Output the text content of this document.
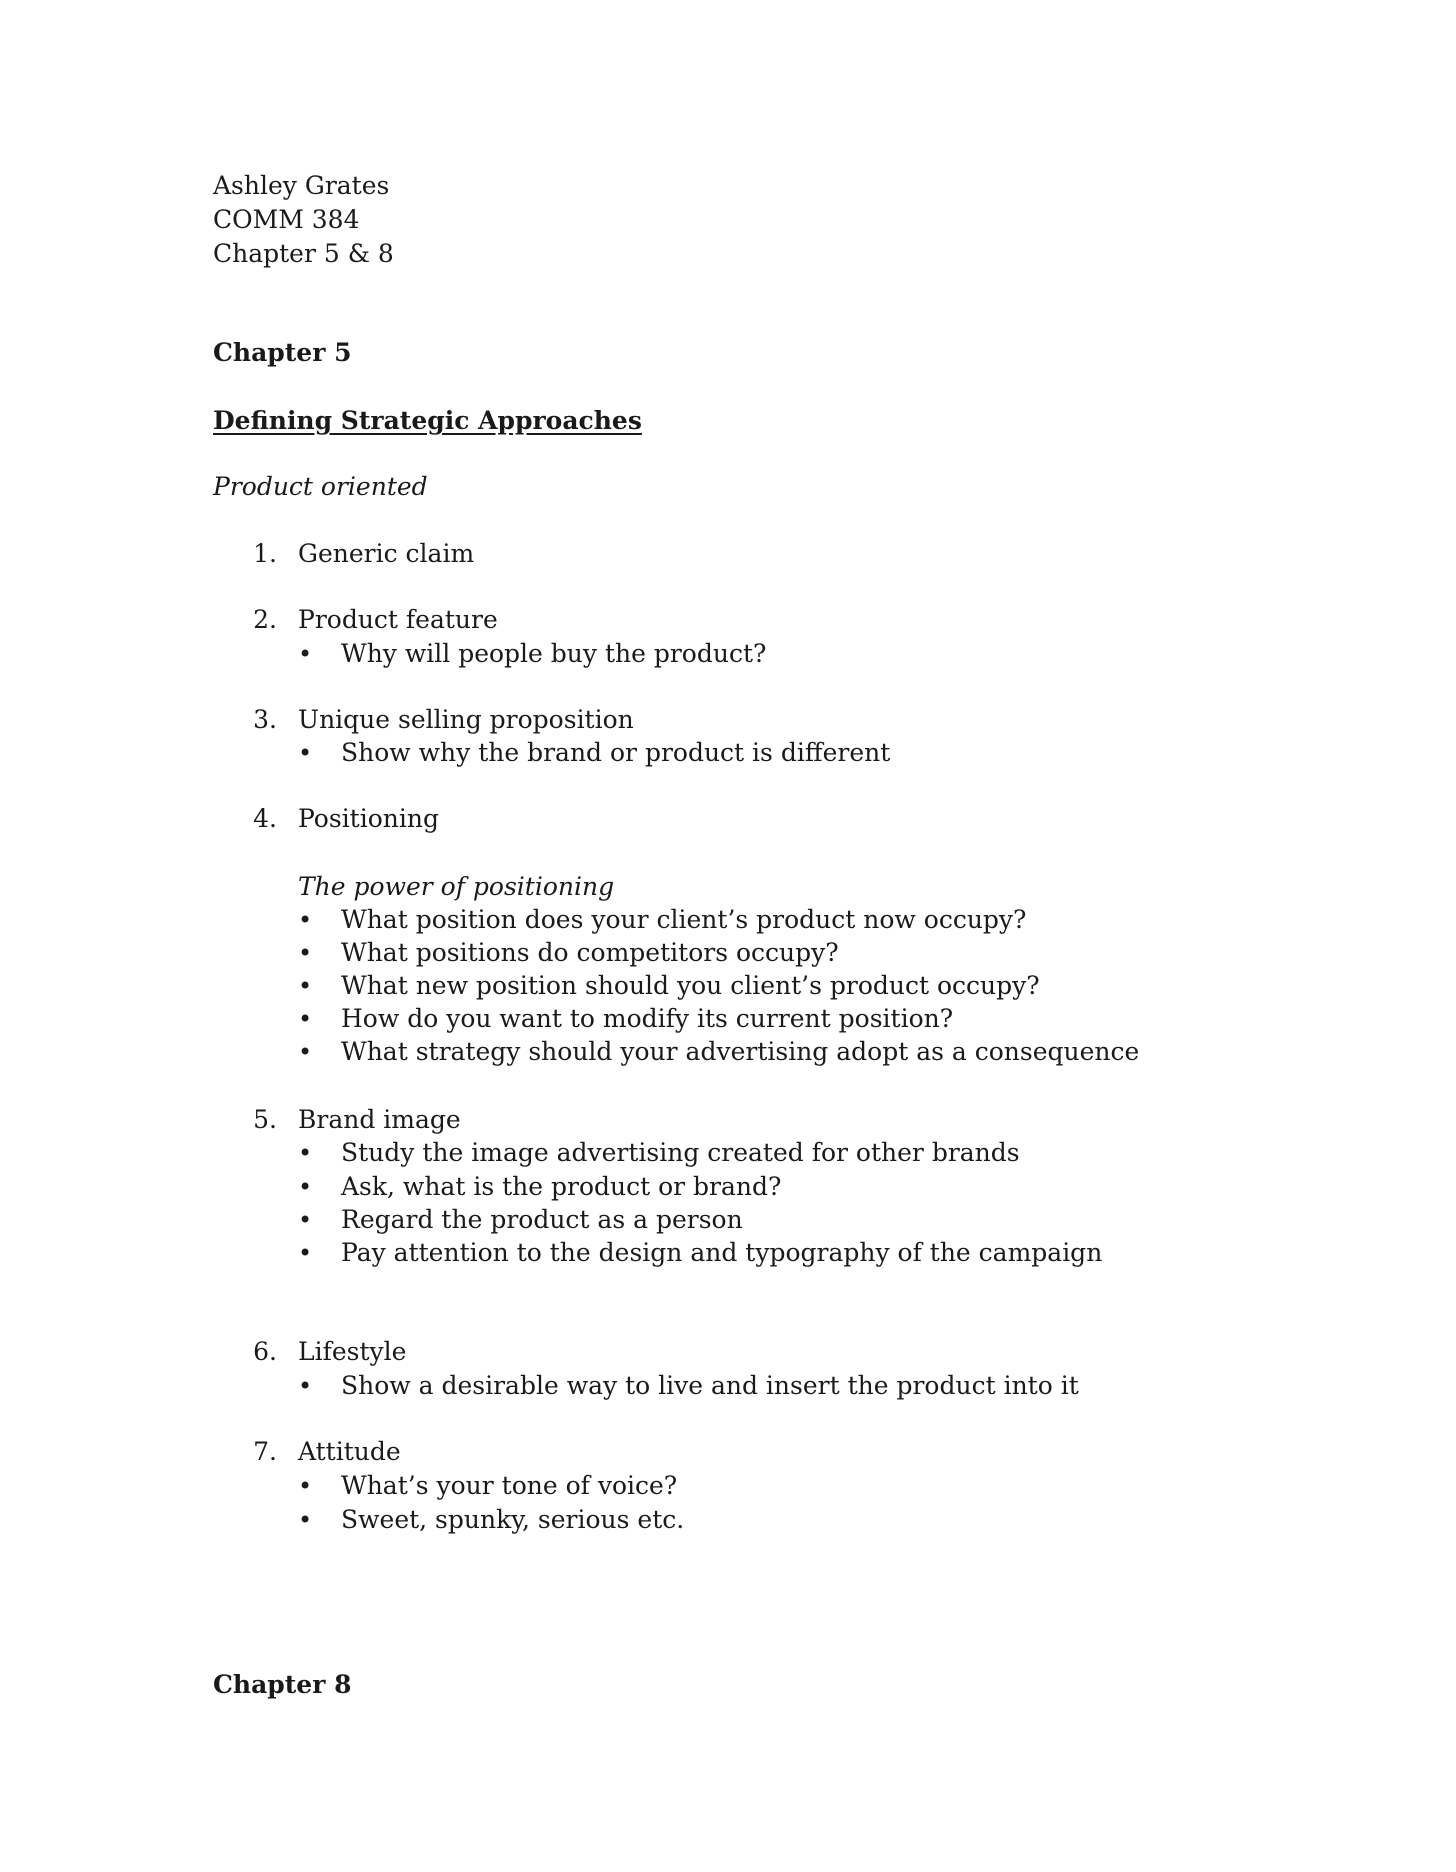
Ashley Grates
COMM 384
Chapter 5 & 8
Chapter 5
Defining Strategic Approaches
Product oriented
1. Generic claim
2. Product feature
• Why will people buy the product?
3. Unique selling proposition
• Show why the brand or product is different
4. Positioning
The power of positioning
• What position does your client’s product now occupy?
• What positions do competitors occupy?
• What new position should you client’s product occupy?
• How do you want to modify its current position?
• What strategy should your advertising adopt as a consequence
5. Brand image
• Study the image advertising created for other brands
• Ask, what is the product or brand?
• Regard the product as a person
• Pay attention to the design and typography of the campaign
6. Lifestyle
• Show a desirable way to live and insert the product into it
7. Attitude
• What’s your tone of voice?
• Sweet, spunky, serious etc.
Chapter 8
